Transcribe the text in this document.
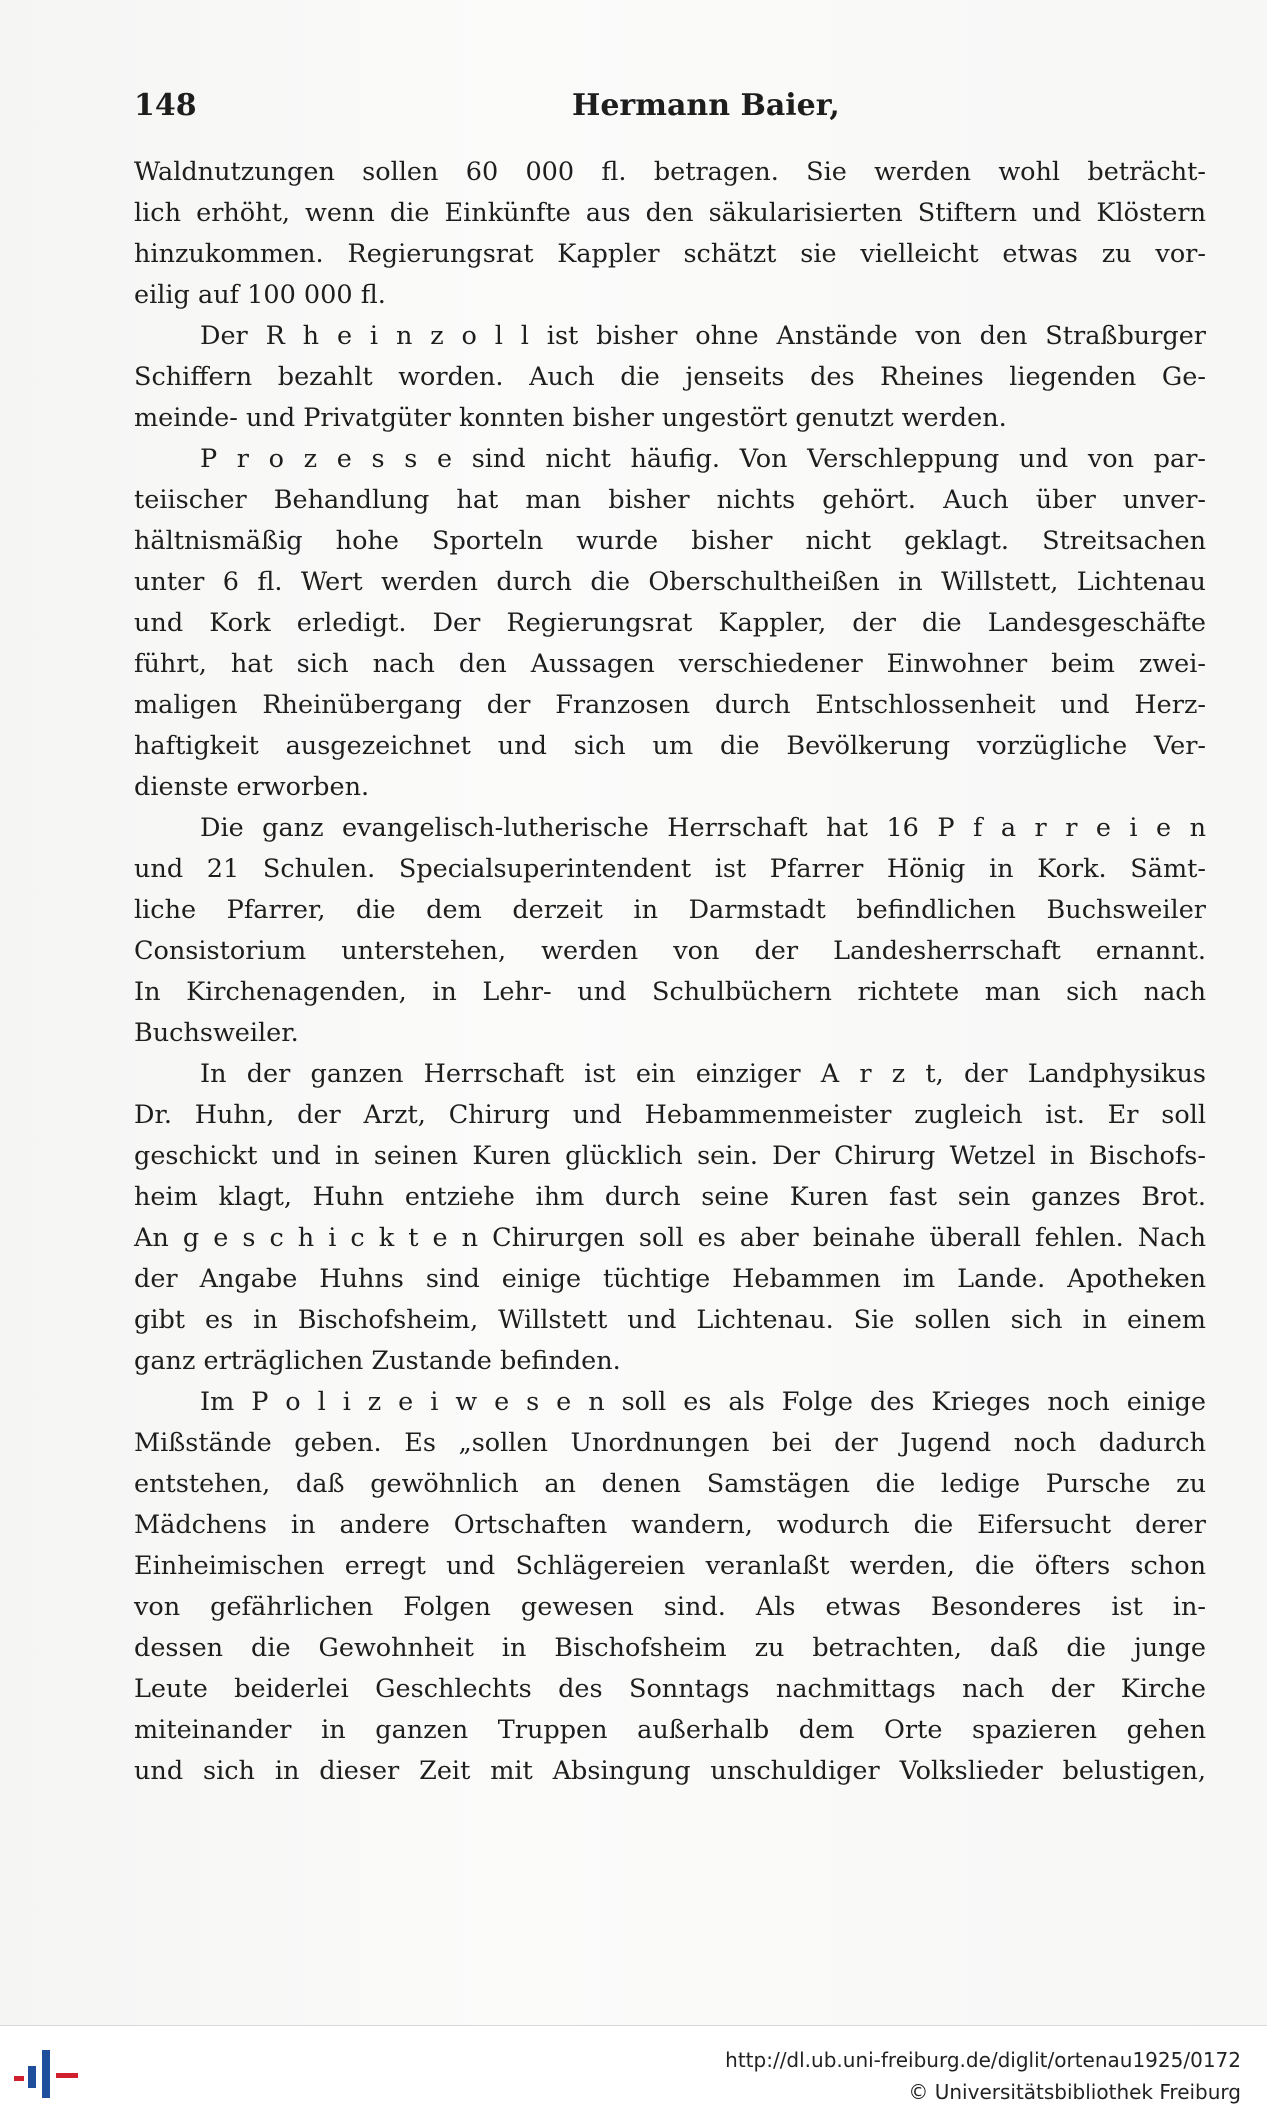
148	Hermann Baier,
Waldnutzungen sollen 60 000 fl. betragen. Sie werden wohl beträcht-
lich erhöht, wenn die Einkünfte aus den säkularisierten Stiftern und Klöstern
hinzukommen. Regierungsrat Kappler schätzt sie vielleicht etwas zu vor-
eilig auf 100 000 fl.
Der R h e i n z o l l ist bisher ohne Anstände von den Straßburger
Schiffern bezahlt worden. Auch die jenseits des Rheines liegenden Ge-
meinde- und Privatgüter konnten bisher ungestört genutzt werden.
P r o z e s s e sind nicht häufig. Von Verschleppung und von par-
teiischer Behandlung hat man bisher nichts gehört. Auch über unver-
hältnismäßig hohe Sporteln wurde bisher nicht geklagt. Streitsachen
unter 6 fl. Wert werden durch die Oberschultheißen in Willstett, Lichtenau
und Kork erledigt. Der Regierungsrat Kappler, der die Landesgeschäfte
führt, hat sich nach den Aussagen verschiedener Einwohner beim zwei-
maligen Rheinübergang der Franzosen durch Entschlossenheit und Herz-
haftigkeit ausgezeichnet und sich um die Bevölkerung vorzügliche Ver-
dienste erworben.
Die ganz evangelisch-lutherische Herrschaft hat 16 P f a r r e i e n
und 21 Schulen. Specialsuperintendent ist Pfarrer Hönig in Kork. Sämt-
liche Pfarrer, die dem derzeit in Darmstadt befindlichen Buchsweiler
Consistorium unterstehen, werden von der Landesherrschaft ernannt.
In Kirchenagenden, in Lehr- und Schulbüchern richtete man sich nach
Buchsweiler.
In der ganzen Herrschaft ist ein einziger A r z t, der Landphysikus
Dr. Huhn, der Arzt, Chirurg und Hebammenmeister zugleich ist. Er soll
geschickt und in seinen Kuren glücklich sein. Der Chirurg Wetzel in Bischofs-
heim klagt, Huhn entziehe ihm durch seine Kuren fast sein ganzes Brot.
An g e s c h i c k t e n Chirurgen soll es aber beinahe überall fehlen. Nach
der Angabe Huhns sind einige tüchtige Hebammen im Lande. Apotheken
gibt es in Bischofsheim, Willstett und Lichtenau. Sie sollen sich in einem
ganz erträglichen Zustande befinden.
Im P o l i z e i w e s e n soll es als Folge des Krieges noch einige
Mißstände geben. Es „sollen Unordnungen bei der Jugend noch dadurch
entstehen, daß gewöhnlich an denen Samstägen die ledige Pursche zu
Mädchens in andere Ortschaften wandern, wodurch die Eifersucht derer
Einheimischen erregt und Schlägereien veranlaßt werden, die öfters schon
von gefährlichen Folgen gewesen sind. Als etwas Besonderes ist in-
dessen die Gewohnheit in Bischofsheim zu betrachten, daß die junge
Leute beiderlei Geschlechts des Sonntags nachmittags nach der Kirche
miteinander in ganzen Truppen außerhalb dem Orte spazieren gehen
und sich in dieser Zeit mit Absingung unschuldiger Volkslieder belustigen,
http://dl.ub.uni-freiburg.de/diglit/ortenau1925/0172
© Universitätsbibliothek Freiburg
